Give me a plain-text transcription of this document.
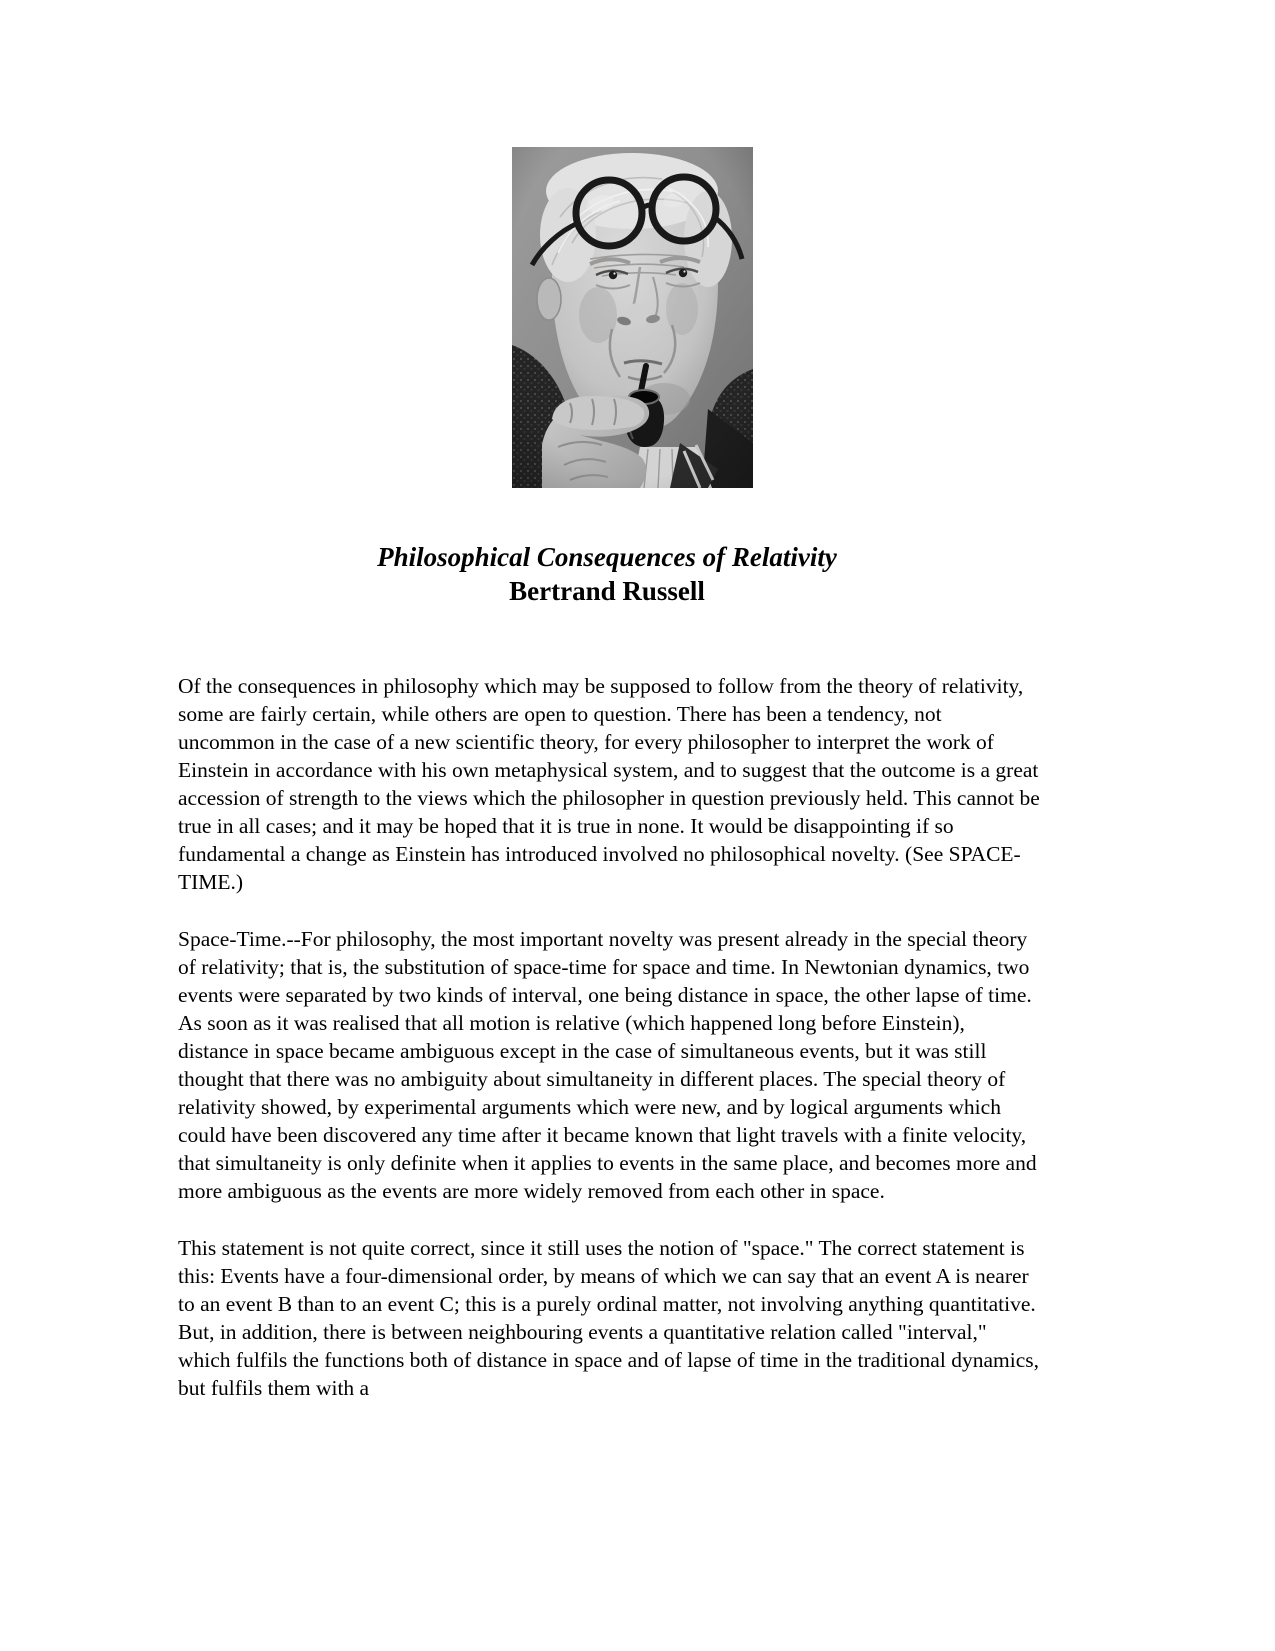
Philosophical Consequences of Relativity
Bertrand Russell

Of the consequences in philosophy which may be supposed to follow from the theory of relativity, some are fairly certain, while others are open to question. There has been a tendency, not uncommon in the case of a new scientific theory, for every philosopher to interpret the work of Einstein in accordance with his own metaphysical system, and to suggest that the outcome is a great accession of strength to the views which the philosopher in question previously held. This cannot be true in all cases; and it may be hoped that it is true in none. It would be disappointing if so fundamental a change as Einstein has introduced involved no philosophical novelty. (See SPACE-TIME.)

Space-Time.--For philosophy, the most important novelty was present already in the special theory of relativity; that is, the substitution of space-time for space and time. In Newtonian dynamics, two events were separated by two kinds of interval, one being distance in space, the other lapse of time. As soon as it was realised that all motion is relative (which happened long before Einstein), distance in space became ambiguous except in the case of simultaneous events, but it was still thought that there was no ambiguity about simultaneity in different places. The special theory of relativity showed, by experimental arguments which were new, and by logical arguments which could have been discovered any time after it became known that light travels with a finite velocity, that simultaneity is only definite when it applies to events in the same place, and becomes more and more ambiguous as the events are more widely removed from each other in space.

This statement is not quite correct, since it still uses the notion of "space." The correct statement is this: Events have a four-dimensional order, by means of which we can say that an event A is nearer to an event B than to an event C; this is a purely ordinal matter, not involving anything quantitative. But, in addition, there is between neighbouring events a quantitative relation called "interval," which fulfils the functions both of distance in space and of lapse of time in the traditional dynamics, but fulfils them with a
